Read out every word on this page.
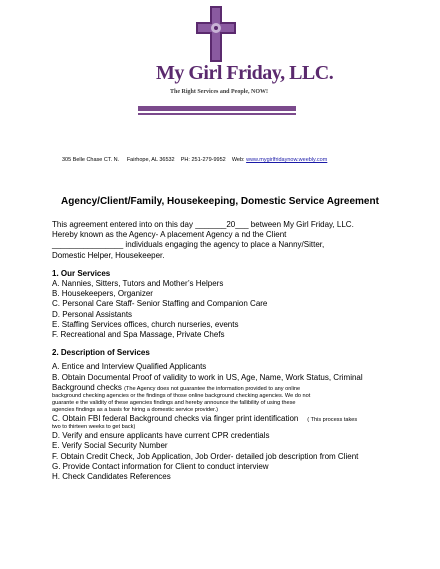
My Girl Friday, LLC.
The Right Services and People, NOW!
305 Belle Chase CT. N. Fairhope, AL 36532 PH: 251-279-9952 Web: www.mygirlfridaynow.weebly.com
Agency/Client/Family, Housekeeping, Domestic Service Agreement

This agreement entered into on this day _______20___ between My Girl Friday, LLC.

Hereby known as the Agency- A placement Agency a nd the Client

________________ individuals engaging the agency to place a Nanny/Sitter,

Domestic Helper, Housekeeper.

1. Our Services

A. Nannies, Sitters, Tutors and Mother’s Helpers

B. Housekeepers, Organizer

C. Personal Care Staff- Senior Staffing and Companion Care

D. Personal Assistants

E. Staffing Services offices, church nurseries, events

F. Recreational and Spa Massage, Private Chefs

2. Description of Services

A. Entice and Interview Qualified Applicants

B. Obtain Documental Proof of validity to work in US, Age, Name, Work Status, Criminal

Background checks (The Agency does not guarantee the information provided to any online

background checking agencies or the findings of those online background checking agencies. We do not

guarante e the validity of these agencies findings and hereby announce the fallibility of using these

agencies findings as a basis for hiring a domestic service provider.)

C. Obtain FBI federal Background checks via finger print identification ( This process takes

two to thirteen weeks to get back)

D. Verify and ensure applicants have current CPR credentials

E. Verify Social Security Number

F. Obtain Credit Check, Job Application, Job Order- detailed job description from Client

G. Provide Contact information for Client to conduct interview

H. Check Candidates References
